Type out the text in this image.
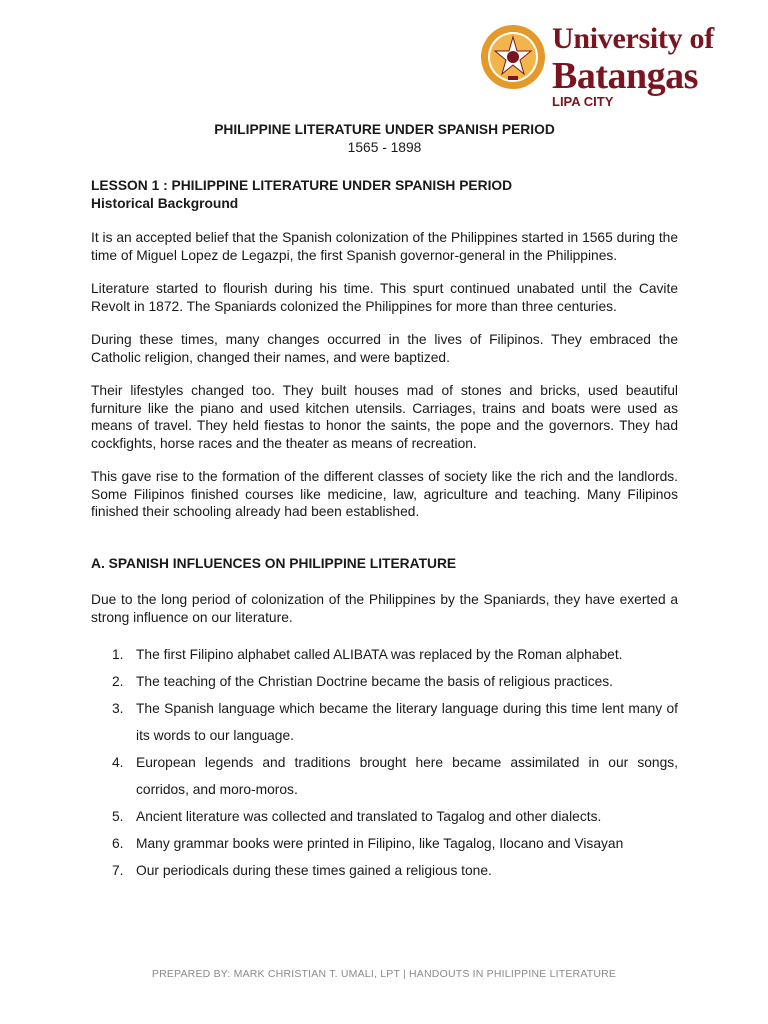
University of
Batangas
LIPA CITY

PHILIPPINE LITERATURE UNDER SPANISH PERIOD

1565 - 1898

LESSON 1 : PHILIPPINE LITERATURE UNDER SPANISH PERIOD

Historical Background

It is an accepted belief that the Spanish colonization of the Philippines started in 1565 during the time of Miguel Lopez de Legazpi, the first Spanish governor-general in the Philippines.

Literature started to flourish during his time. This spurt continued unabated until the Cavite Revolt in 1872. The Spaniards colonized the Philippines for more than three centuries.

During these times, many changes occurred in the lives of Filipinos. They embraced the Catholic religion, changed their names, and were baptized.

Their lifestyles changed too. They built houses mad of stones and bricks, used beautiful furniture like the piano and used kitchen utensils. Carriages, trains and boats were used as means of travel. They held fiestas to honor the saints, the pope and the governors. They had cockfights, horse races and the theater as means of recreation.

This gave rise to the formation of the different classes of society like the rich and the landlords. Some Filipinos finished courses like medicine, law, agriculture and teaching. Many Filipinos finished their schooling already had been established.

A. SPANISH INFLUENCES ON PHILIPPINE LITERATURE

Due to the long period of colonization of the Philippines by the Spaniards, they have exerted a strong influence on our literature.

1. The first Filipino alphabet called ALIBATA was replaced by the Roman alphabet.
2. The teaching of the Christian Doctrine became the basis of religious practices.
3. The Spanish language which became the literary language during this time lent many of its words to our language.
4. European legends and traditions brought here became assimilated in our songs, corridos, and moro-moros.
5. Ancient literature was collected and translated to Tagalog and other dialects.
6. Many grammar books were printed in Filipino, like Tagalog, Ilocano and Visayan
7. Our periodicals during these times gained a religious tone.
PREPARED BY: MARK CHRISTIAN T. UMALI, LPT | HANDOUTS IN PHILIPPINE LITERATURE
